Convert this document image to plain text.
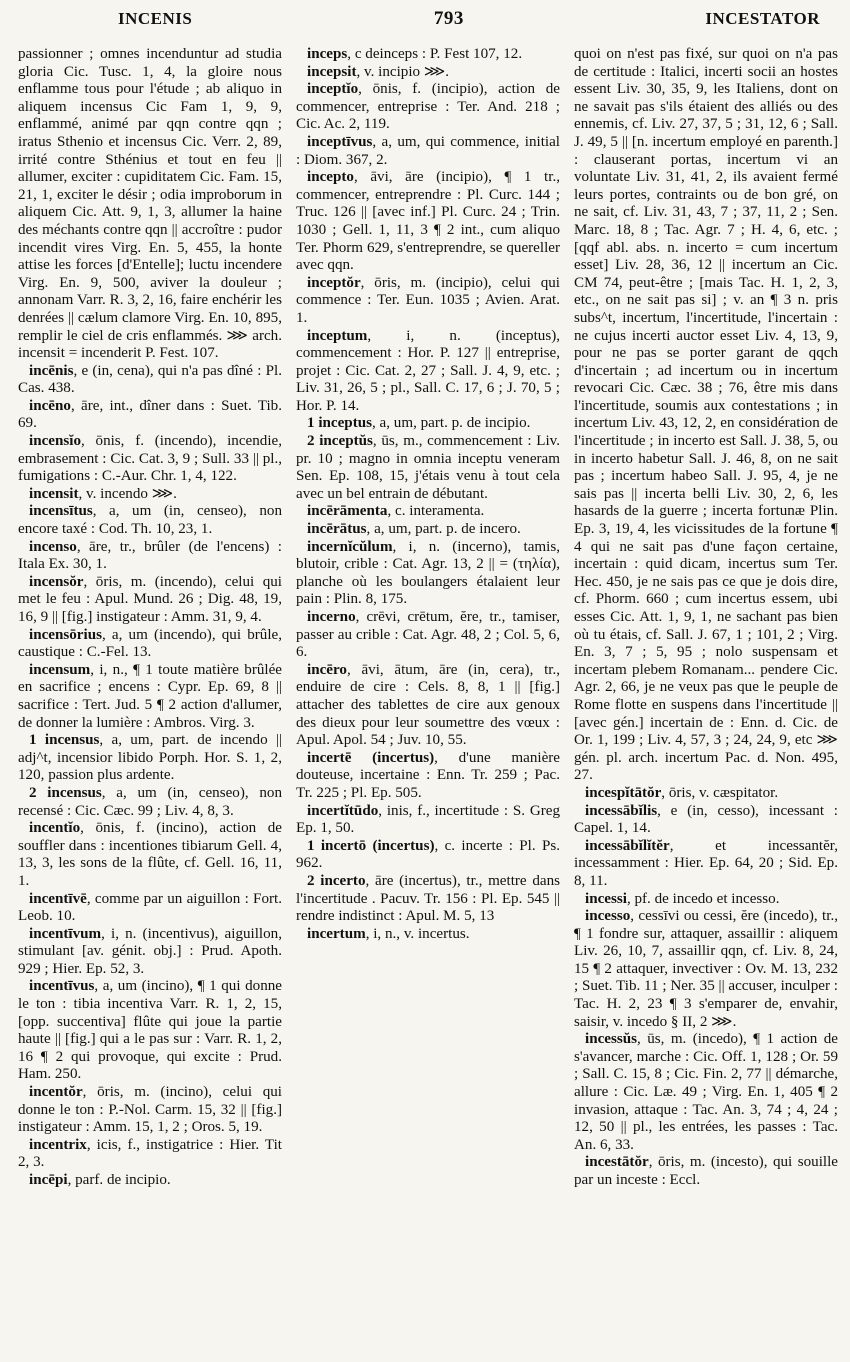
INCENIS	793	INCESTATOR

passionner ; omnes incenduntur ad studia gloria Cic. Tusc. 1, 4, la gloire nous enflamme tous pour l'étude ; ab aliquo in aliquem incensus Cic Fam 1, 9, 9, enflammé, animé par qqn contre qqn ; iratus Sthenio et incensus Cic. Verr. 2, 89, irrité contre Sthénius et tout en feu || allumer, exciter : cupiditatem Cic. Fam. 15, 21, 1, exciter le désir ; odia improborum in aliquem Cic. Att. 9, 1, 3, allumer la haine des méchants contre qqn || accroître : pudor incendit vires Virg. En. 5, 455, la honte attise les forces [d'Entelle]; luctu incendere Virg. En. 9, 500, aviver la douleur ; annonam Varr. R. 3, 2, 16, faire enchérir les denrées || cælum clamore Virg. En. 10, 895, remplir le ciel de cris enflammés. ⋙ arch. incensit = incenderit P. Fest. 107.

incēnis, e (in, cena), qui n'a pas dîné : Pl. Cas. 438.

incēno, āre, int., dîner dans : Suet. Tib. 69.

incensĭo, ōnis, f. (incendo), incendie, embrasement : Cic. Cat. 3, 9 ; Sull. 33 || pl., fumigations : C.-Aur. Chr. 1, 4, 122.

incensit, v. incendo ⋙.

incensītus, a, um (in, censeo), non encore taxé : Cod. Th. 10, 23, 1.

incenso, āre, tr., brûler (de l'encens) : Itala Ex. 30, 1.

incensŏr, ōris, m. (incendo), celui qui met le feu : Apul. Mund. 26 ; Dig. 48, 19, 16, 9 || [fig.] instigateur : Amm. 31, 9, 4.

incensōrius, a, um (incendo), qui brûle, caustique : C.-Fel. 13.

incensum, i, n., ¶ 1 toute matière brûlée en sacrifice ; encens : Cypr. Ep. 69, 8 || sacrifice : Tert. Jud. 5 ¶ 2 action d'allumer, de donner la lumière : Ambros. Virg. 3.

1 incensus, a, um, part. de incendo || adj^t, incensior libido Porph. Hor. S. 1, 2, 120, passion plus ardente.

2 incensus, a, um (in, censeo), non recensé : Cic. Cæc. 99 ; Liv. 4, 8, 3.

incentĭo, ōnis, f. (incino), action de souffler dans : incentiones tibiarum Gell. 4, 13, 3, les sons de la flûte, cf. Gell. 16, 11, 1.

incentīvē, comme par un aiguillon : Fort. Leob. 10.

incentīvum, i, n. (incentivus), aiguillon, stimulant [av. génit. obj.] : Prud. Apoth. 929 ; Hier. Ep. 52, 3.

incentīvus, a, um (incino), ¶ 1 qui donne le ton : tibia incentiva Varr. R. 1, 2, 15, [opp. succentiva] flûte qui joue la partie haute || [fig.] qui a le pas sur : Varr. R. 1, 2, 16 ¶ 2 qui provoque, qui excite : Prud. Ham. 250.

incentŏr, ōris, m. (incino), celui qui donne le ton : P.-Nol. Carm. 15, 32 || [fig.] instigateur : Amm. 15, 1, 2 ; Oros. 5, 19.

incentrix, icis, f., instigatrice : Hier. Tit 2, 3.

incēpi, parf. de incipio.

inceps, c deinceps : P. Fest 107, 12.

incepsit, v. incipio ⋙.

inceptĭo, ōnis, f. (incipio), action de commencer, entreprise : Ter. And. 218 ; Cic. Ac. 2, 119.

inceptīvus, a, um, qui commence, initial : Diom. 367, 2.

incepto, āvi, āre (incipio), ¶ 1 tr., commencer, entreprendre : Pl. Curc. 144 ; Truc. 126 || [avec inf.] Pl. Curc. 24 ; Trin. 1030 ; Gell. 1, 11, 3 ¶ 2 int., cum aliquo Ter. Phorm 629, s'entreprendre, se quereller avec qqn.

inceptŏr, ōris, m. (incipio), celui qui commence : Ter. Eun. 1035 ; Avien. Arat. 1.

inceptum, i, n. (inceptus), commencement : Hor. P. 127 || entreprise, projet : Cic. Cat. 2, 27 ; Sall. J. 4, 9, etc. ; Liv. 31, 26, 5 ; pl., Sall. C. 17, 6 ; J. 70, 5 ; Hor. P. 14.

1 inceptus, a, um, part. p. de incipio.

2 inceptŭs, ūs, m., commencement : Liv. pr. 10 ; magno in omnia inceptu veneram Sen. Ep. 108, 15, j'étais venu à tout cela avec un bel entrain de débutant.

incērāmenta, c. interamenta.

incērātus, a, um, part. p. de incero.

incernĭcŭlum, i, n. (incerno), tamis, blutoir, crible : Cat. Agr. 13, 2 || = (τηλία), planche où les boulangers étalaient leur pain : Plin. 8, 175.

incerno, crēvi, crētum, ĕre, tr., tamiser, passer au crible : Cat. Agr. 48, 2 ; Col. 5, 6, 6.

incēro, āvi, ātum, āre (in, cera), tr., enduire de cire : Cels. 8, 8, 1 || [fig.] attacher des tablettes de cire aux genoux des dieux pour leur soumettre des vœux : Apul. Apol. 54 ; Juv. 10, 55.

incertē (incertus), d'une manière douteuse, incertaine : Enn. Tr. 259 ; Pac. Tr. 225 ; Pl. Ep. 505.

incertĭtūdo, inis, f., incertitude : S. Greg Ep. 1, 50.

1 incertō (incertus), c. incerte : Pl. Ps. 962.

2 incerto, āre (incertus), tr., mettre dans l'incertitude . Pacuv. Tr. 156 : Pl. Ep. 545 || rendre indistinct : Apul. M. 5, 13

incertum, i, n., v. incertus.

quoi on n'est pas fixé, sur quoi on n'a pas de certitude : Italici, incerti socii an hostes essent Liv. 30, 35, 9, les Italiens, dont on ne savait pas s'ils étaient des alliés ou des ennemis, cf. Liv. 27, 37, 5 ; 31, 12, 6 ; Sall. J. 49, 5 || [n. incertum employé en parenth.] : clauserant portas, incertum vi an voluntate Liv. 31, 41, 2, ils avaient fermé leurs portes, contraints ou de bon gré, on ne sait, cf. Liv. 31, 43, 7 ; 37, 11, 2 ; Sen. Marc. 18, 8 ; Tac. Agr. 7 ; H. 4, 6, etc. ; [qqf abl. abs. n. incerto = cum incertum esset] Liv. 28, 36, 12 || incertum an Cic. CM 74, peut-être ; [mais Tac. H. 1, 2, 3, etc., on ne sait pas si] ; v. an ¶ 3 n. pris subs^t, incertum, l'incertitude, l'incertain : ne cujus incerti auctor esset Liv. 4, 13, 9, pour ne pas se porter garant de qqch d'incertain ; ad incertum ou in incertum revocari Cic. Cæc. 38 ; 76, être mis dans l'incertitude, soumis aux contestations ; in incertum Liv. 43, 12, 2, en considération de l'incertitude ; in incerto est Sall. J. 38, 5, ou in incerto habetur Sall. J. 46, 8, on ne sait pas ; incertum habeo Sall. J. 95, 4, je ne sais pas || incerta belli Liv. 30, 2, 6, les hasards de la guerre ; incerta fortunæ Plin. Ep. 3, 19, 4, les vicissitudes de la fortune ¶ 4 qui ne sait pas d'une façon certaine, incertain : quid dicam, incertus sum Ter. Hec. 450, je ne sais pas ce que je dois dire, cf. Phorm. 660 ; cum incertus essem, ubi esses Cic. Att. 1, 9, 1, ne sachant pas bien où tu étais, cf. Sall. J. 67, 1 ; 101, 2 ; Virg. En. 3, 7 ; 5, 95 ; nolo suspensam et incertam plebem Romanam... pendere Cic. Agr. 2, 66, je ne veux pas que le peuple de Rome flotte en suspens dans l'incertitude || [avec gén.] incertain de : Enn. d. Cic. de Or. 1, 199 ; Liv. 4, 57, 3 ; 24, 24, 9, etc ⋙ gén. pl. arch. incertum Pac. d. Non. 495, 27.

incespĭtātŏr, ōris, v. cæspitator.

incessābĭlis, e (in, cesso), incessant : Capel. 1, 14.

incessābĭlĭtĕr, et incessantĕr, incessamment : Hier. Ep. 64, 20 ; Sid. Ep. 8, 11.

incessi, pf. de incedo et incesso.

incesso, cessīvi ou cessi, ĕre (incedo), tr., ¶ 1 fondre sur, attaquer, assaillir : aliquem Liv. 26, 10, 7, assaillir qqn, cf. Liv. 8, 24, 15 ¶ 2 attaquer, invectiver : Ov. M. 13, 232 ; Suet. Tib. 11 ; Ner. 35 || accuser, inculper : Tac. H. 2, 23 ¶ 3 s'emparer de, envahir, saisir, v. incedo § II, 2 ⋙.

incessŭs, ūs, m. (incedo), ¶ 1 action de s'avancer, marche : Cic. Off. 1, 128 ; Or. 59 ; Sall. C. 15, 8 ; Cic. Fin. 2, 77 || démarche, allure : Cic. Læ. 49 ; Virg. En. 1, 405 ¶ 2 invasion, attaque : Tac. An. 3, 74 ; 4, 24 ; 12, 50 || pl., les entrées, les passes : Tac. An. 6, 33.

incestātŏr, ōris, m. (incesto), qui souille par un inceste : Eccl.
